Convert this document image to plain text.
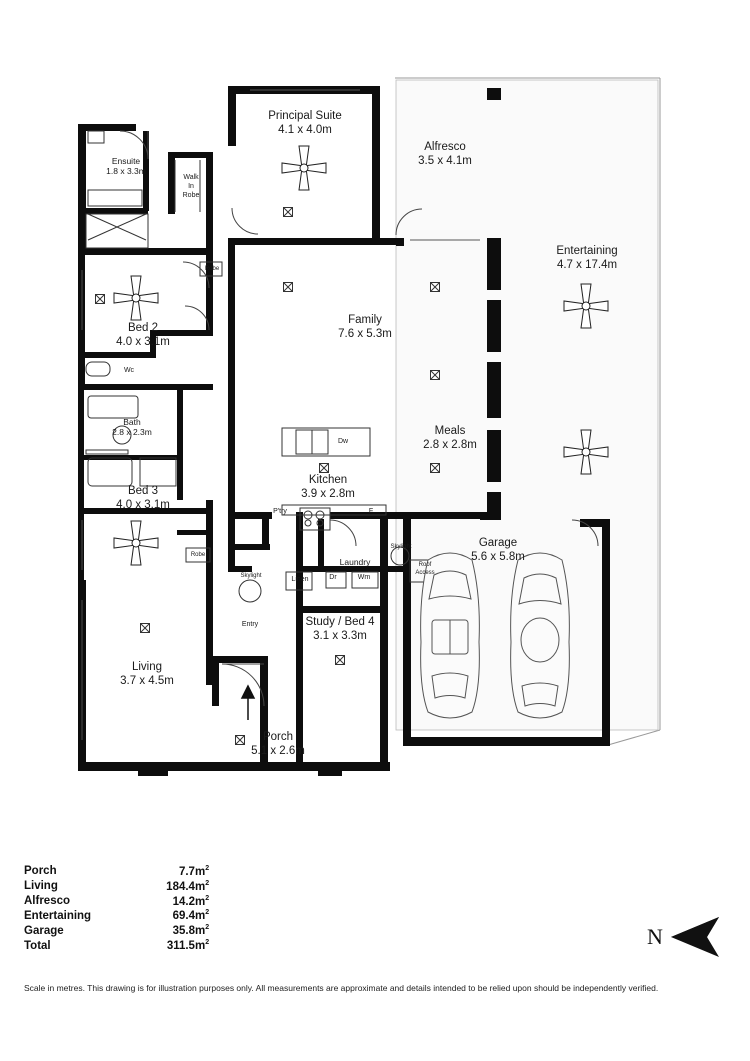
Principal Suite
4.1 x 4.0m
Alfresco
3.5 x 4.1m
Entertaining
4.7 x 17.4m
Ensuite
1.8 x 3.3m
Walk
In
Robe
Bed 2
4.0 x 3.1m
Family
7.6 x 5.3m
Bath
2.8 x 2.3m	Meals
2.8 x 2.8m
Bed 3
4.0 x 3.1m
Kitchen
3.9 x 2.8m
Garage
5.6 x 5.8m
Laundry
Study / Bed 4
3.1 x 3.3m
Living
3.7 x 4.5m
Porch
5.1 x 2.6m
Robe
Robe
Wc
P'try
Dw
F
Linen	Dr	Wm
Entry
Skylight
Skylight
Roof
Access
Porch	$7.7m^2$
Living	$184.4m^2$
Alfresco	$14.2m^2$
Entertaining	$69.4m^2$
Garage	$35.8m^2$
Total	$311.5m^2$
Scale in metres. This drawing is for illustration purposes only. All measurements are approximate and details intended to be relied upon should be independently verified.
N
